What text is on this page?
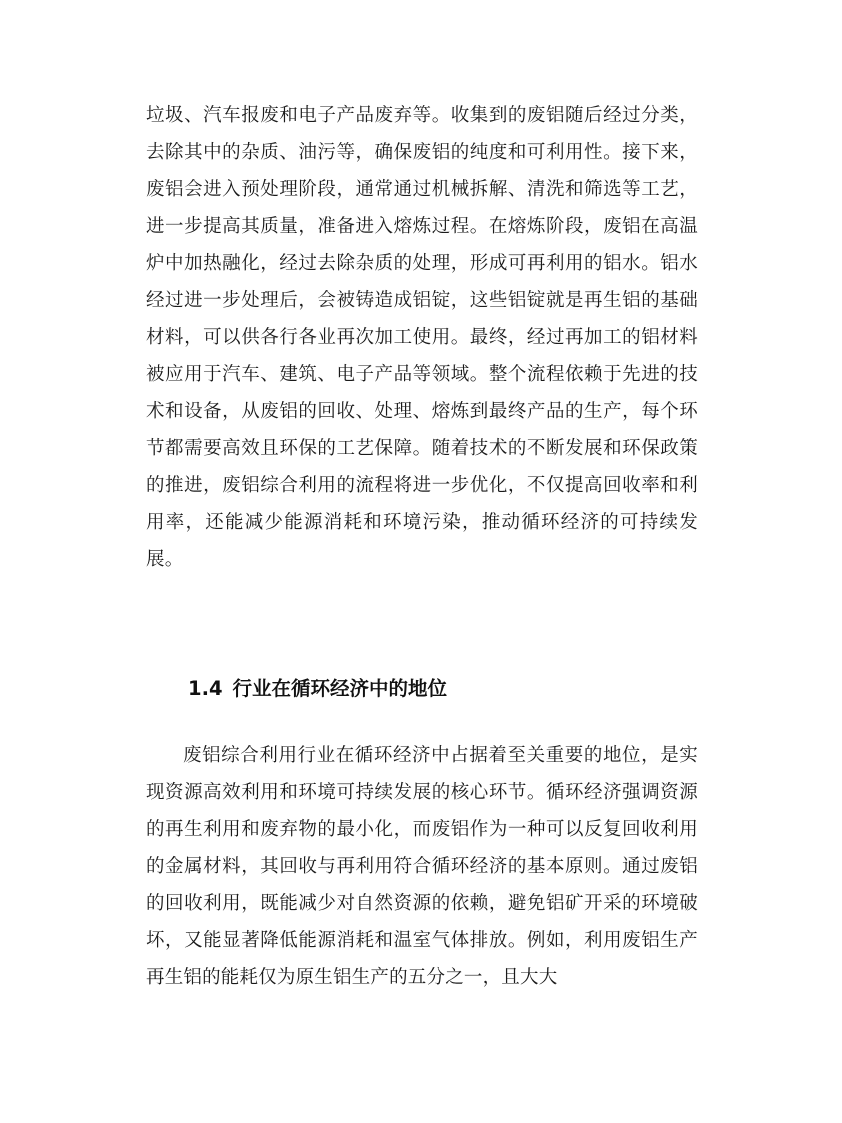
垃圾、汽车报废和电子产品废弃等。收集到的废铝随后经过分类，去除其中的杂质、油污等，确保废铝的纯度和可利用性。接下来，废铝会进入预处理阶段，通常通过机械拆解、清洗和筛选等工艺，进一步提高其质量，准备进入熔炼过程。在熔炼阶段，废铝在高温炉中加热融化，经过去除杂质的处理，形成可再利用的铝水。铝水经过进一步处理后，会被铸造成铝锭，这些铝锭就是再生铝的基础材料，可以供各行各业再次加工使用。最终，经过再加工的铝材料被应用于汽车、建筑、电子产品等领域。整个流程依赖于先进的技术和设备，从废铝的回收、处理、熔炼到最终产品的生产，每个环节都需要高效且环保的工艺保障。随着技术的不断发展和环保政策的推进，废铝综合利用的流程将进一步优化，不仅提高回收率和利用率，还能减少能源消耗和环境污染，推动循环经济的可持续发展。

1.4 行业在循环经济中的地位

废铝综合利用行业在循环经济中占据着至关重要的地位，是实现资源高效利用和环境可持续发展的核心环节。循环经济强调资源的再生利用和废弃物的最小化，而废铝作为一种可以反复回收利用的金属材料，其回收与再利用符合循环经济的基本原则。通过废铝的回收利用，既能减少对自然资源的依赖，避免铝矿开采的环境破坏，又能显著降低能源消耗和温室气体排放。例如，利用废铝生产再生铝的能耗仅为原生铝生产的五分之一，且大大
